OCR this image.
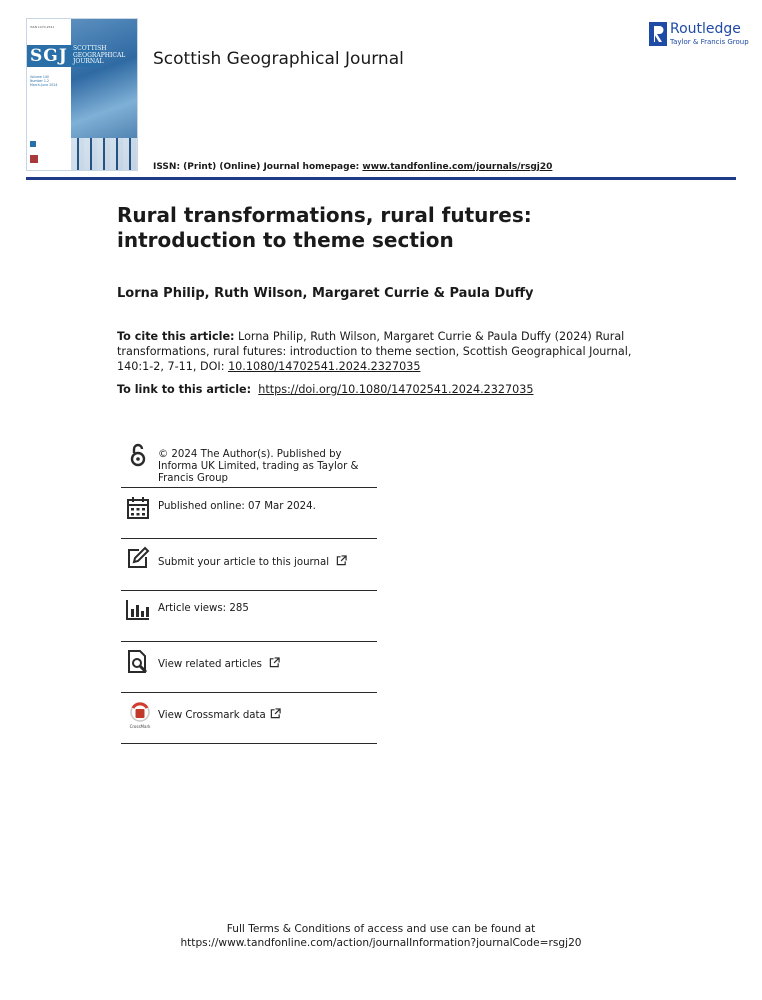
ISSN 1470-2541
SGJ SCOTTISH
GEOGRAPHICAL
JOURNAL
Volume 140
Number 1-2
March–June 2024
Scottish Geographical Journal
ISSN: (Print) (Online) Journal homepage: www.tandfonline.com/journals/rsgj20
Routledge
Taylor & Francis Group
Rural transformations, rural futures: introduction to theme section
Lorna Philip, Ruth Wilson, Margaret Currie & Paula Duffy
To cite this article: Lorna Philip, Ruth Wilson, Margaret Currie & Paula Duffy (2024) Rural transformations, rural futures: introduction to theme section, Scottish Geographical Journal, 140:1-2, 7-11, DOI: 10.1080/14702541.2024.2327035
To link to this article: https://doi.org/10.1080/14702541.2024.2327035
© 2024 The Author(s). Published by Informa UK Limited, trading as Taylor & Francis Group
Published online: 07 Mar 2024.
Submit your article to this journal
Article views: 285
View related articles
CrossMark
View Crossmark data
Full Terms & Conditions of access and use can be found at
https://www.tandfonline.com/action/journalInformation?journalCode=rsgj20
